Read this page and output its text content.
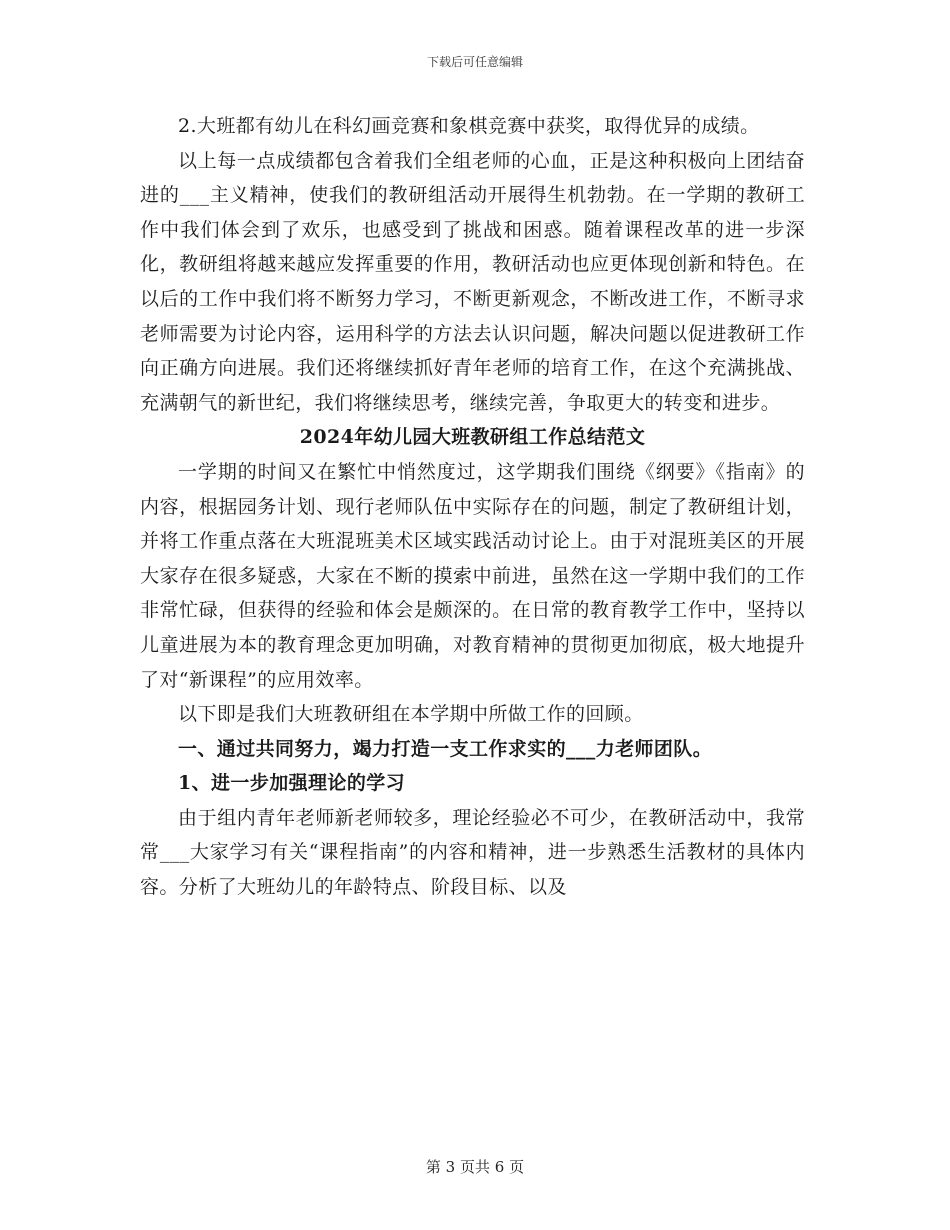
下载后可任意编辑

2.大班都有幼儿在科幻画竞赛和象棋竞赛中获奖，取得优异的成绩。

以上每一点成绩都包含着我们全组老师的心血，正是这种积极向上团结奋进的___主义精神，使我们的教研组活动开展得生机勃勃。在一学期的教研工作中我们体会到了欢乐，也感受到了挑战和困惑。随着课程改革的进一步深化，教研组将越来越应发挥重要的作用，教研活动也应更体现创新和特色。在以后的工作中我们将不断努力学习，不断更新观念，不断改进工作，不断寻求老师需要为讨论内容，运用科学的方法去认识问题，解决问题以促进教研工作向正确方向进展。我们还将继续抓好青年老师的培育工作，在这个充满挑战、充满朝气的新世纪，我们将继续思考，继续完善，争取更大的转变和进步。

2024年幼儿园大班教研组工作总结范文

一学期的时间又在繁忙中悄然度过，这学期我们围绕《纲要》《指南》的内容，根据园务计划、现行老师队伍中实际存在的问题，制定了教研组计划，并将工作重点落在大班混班美术区域实践活动讨论上。由于对混班美区的开展大家存在很多疑惑，大家在不断的摸索中前进，虽然在这一学期中我们的工作非常忙碌，但获得的经验和体会是颇深的。在日常的教育教学工作中，坚持以儿童进展为本的教育理念更加明确，对教育精神的贯彻更加彻底，极大地提升了对“新课程”的应用效率。

以下即是我们大班教研组在本学期中所做工作的回顾。

一、通过共同努力，竭力打造一支工作求实的___力老师团队。

1、进一步加强理论的学习

由于组内青年老师新老师较多，理论经验必不可少，在教研活动中，我常常___大家学习有关“课程指南”的内容和精神，进一步熟悉生活教材的具体内容。分析了大班幼儿的年龄特点、阶段目标、以及

第 3 页共 6 页
